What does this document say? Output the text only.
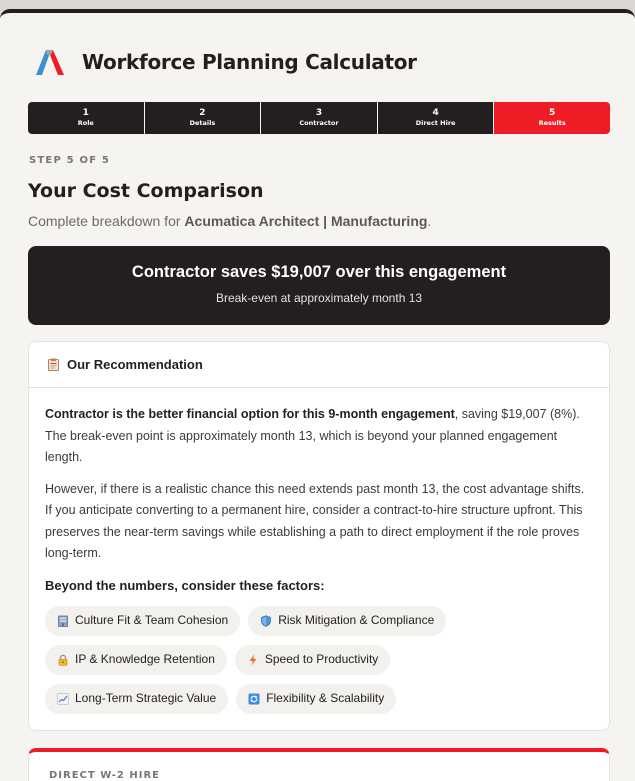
Workforce Planning Calculator
1
Role
2
Details
3
Contractor
4
Direct Hire
5
Results
STEP 5 OF 5
Your Cost Comparison
Complete breakdown for Acumatica Architect | Manufacturing.
Contractor saves $19,007 over this engagement
Break-even at approximately month 13
Our Recommendation

Contractor is the better financial option for this 9-month engagement, saving $19,007 (8%). The break-even point is approximately month 13, which is beyond your planned engagement length.

However, if there is a realistic chance this need extends past month 13, the cost advantage shifts. If you anticipate converting to a permanent hire, consider a contract-to-hire structure upfront. This preserves the near-term savings while establishing a path to direct employment if the role proves long-term.

Beyond the numbers, consider these factors:
Culture Fit & Team Cohesion	Risk Mitigation & Compliance
IP & Knowledge Retention	Speed to Productivity
Long-Term Strategic Value	Flexibility & Scalability
DIRECT W-2 HIRE
